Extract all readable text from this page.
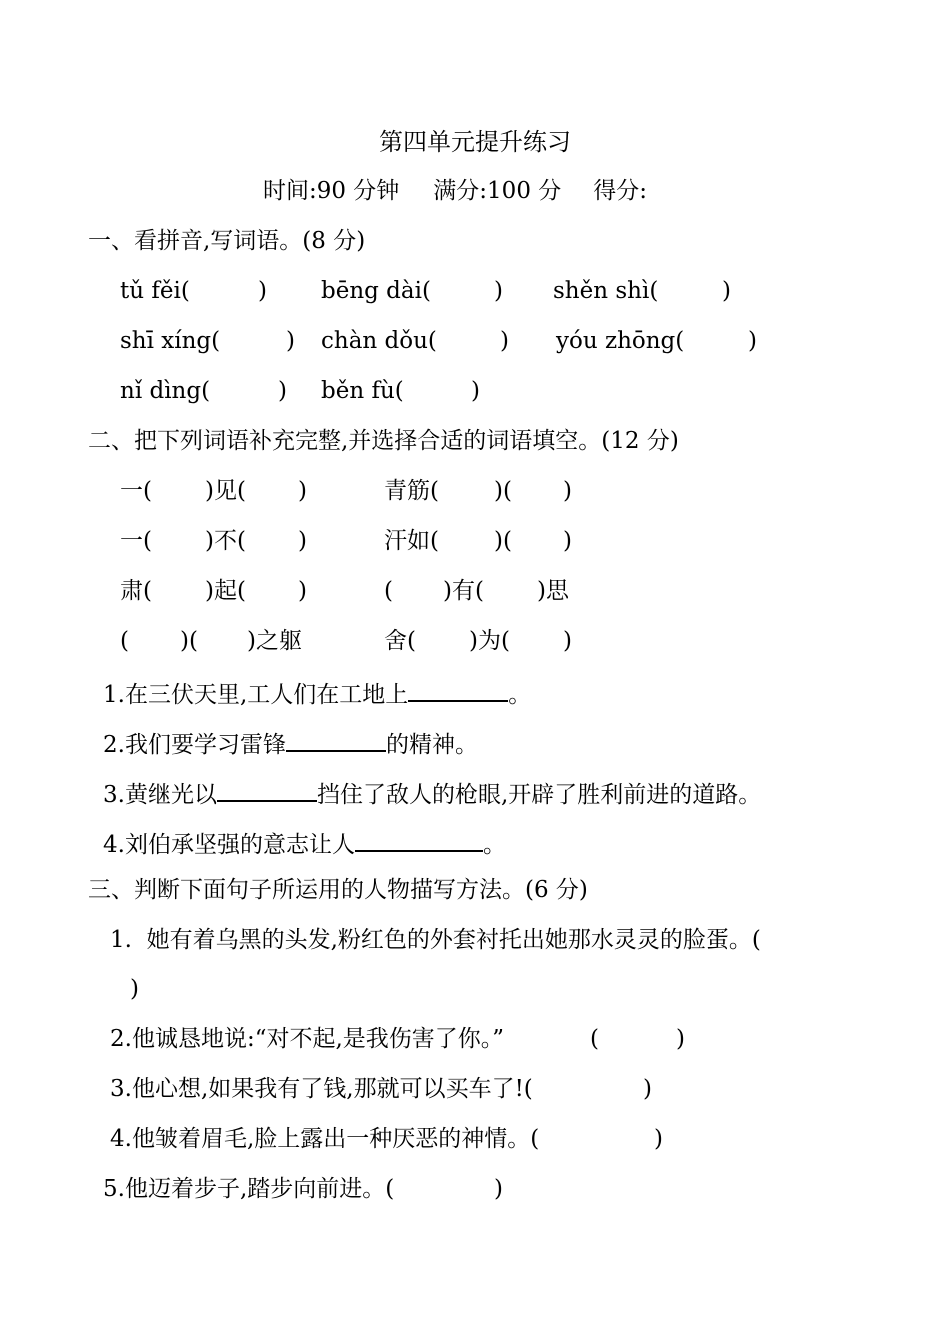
第四单元提升练习
时间:90 分钟 满分:100 分 得分:
一、看拼音,写词语。(8 分)
tǔ fěi(	) bēng dài(	) shěn shì(	)
shī xíng(	) chàn dǒu(	) yóu zhōng(	)
nǐ dìng(	) běn fù(	)
二、把下列词语补充完整,并选择合适的词语填空。(12 分)
一( )见( )	青筋( )( )
一( )不( )	汗如( )( )
肃( )起( )	( )有( )思
( )( )之躯	舍( )为( )
1.在三伏天里,工人们在工地上	。
2.我们要学习雷锋	的精神。
3.黄继光以	挡住了敌人的枪眼,开辟了胜利前进的道路。
4.刘伯承坚强的意志让人	。
三、判断下面句子所运用的人物描写方法。(6 分)
1.  她有着乌黑的头发,粉红色的外套衬托出她那水灵灵的脸蛋。(
)
2.他诚恳地说:“对不起,是我伤害了你。”	(	)
3.他心想,如果我有了钱,那就可以买车了!(	)
4.他皱着眉毛,脸上露出一种厌恶的神情。(	)
5.他迈着步子,踏步向前进。(	)
